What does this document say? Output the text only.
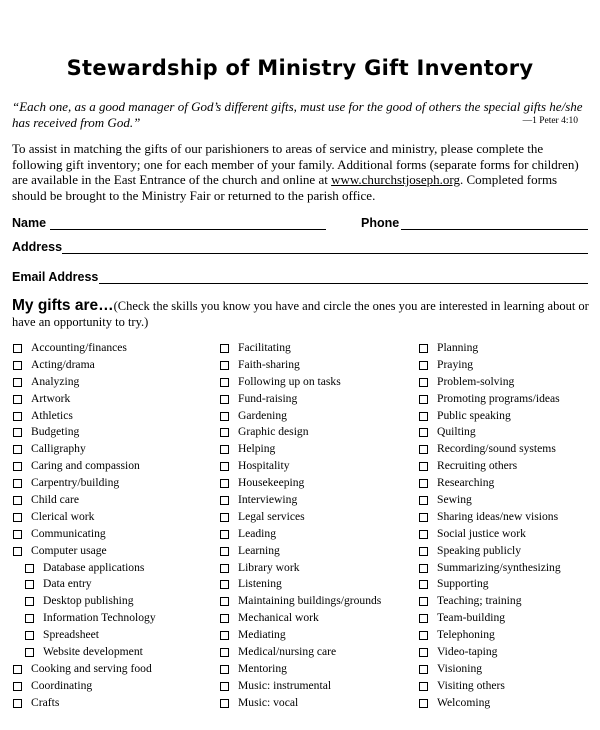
Stewardship of Ministry Gift Inventory
“Each one, as a good manager of God’s different gifts, must use for the good of others the special gifts he/she has received from God.”	—1 Peter 4:10
To assist in matching the gifts of our parishioners to areas of service and ministry, please complete the following gift inventory; one for each member of your family. Additional forms (separate forms for children) are available in the East Entrance of the church and online at www.churchstjoseph.org. Completed forms should be brought to the Ministry Fair or returned to the parish office.
Name	Phone
Address
Email Address
My gifts are…(Check the skills you know you have and circle the ones you are interested in learning about or have an opportunity to try.)
Accounting/finances
Acting/drama
Analyzing
Artwork
Athletics
Budgeting
Calligraphy
Caring and compassion
Carpentry/building
Child care
Clerical work
Communicating
Computer usage
Database applications
Data entry
Desktop publishing
Information Technology
Spreadsheet
Website development
Cooking and serving food
Coordinating
Crafts
Facilitating
Faith-sharing
Following up on tasks
Fund-raising
Gardening
Graphic design
Helping
Hospitality
Housekeeping
Interviewing
Legal services
Leading
Learning
Library work
Listening
Maintaining buildings/grounds
Mechanical work
Mediating
Medical/nursing care
Mentoring
Music: instrumental
Music: vocal
Planning
Praying
Problem-solving
Promoting programs/ideas
Public speaking
Quilting
Recording/sound systems
Recruiting others
Researching
Sewing
Sharing ideas/new visions
Social justice work
Speaking publicly
Summarizing/synthesizing
Supporting
Teaching; training
Team-building
Telephoning
Video-taping
Visioning
Visiting others
Welcoming
